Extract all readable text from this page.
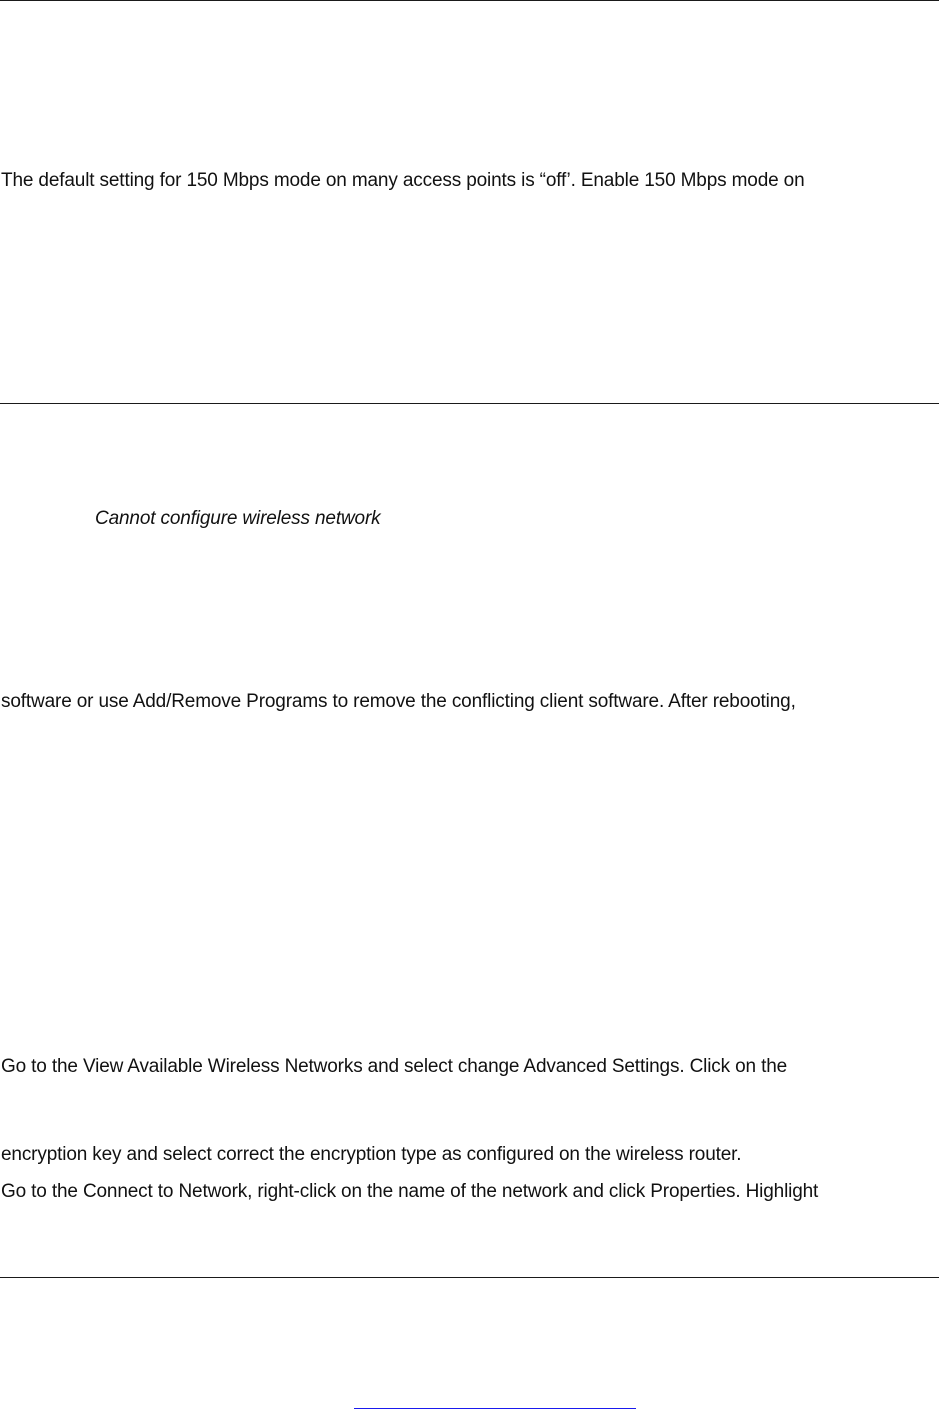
The default setting for 150 Mbps mode on many access points is “off’. Enable 150 Mbps mode on

Cannot configure wireless network

software or use Add/Remove Programs to remove the conflicting client software. After rebooting,

Go to the View Available Wireless Networks and select change Advanced Settings. Click on the

encryption key and select correct the encryption type as configured on the wireless router.

Go to the Connect to Network, right-click on the name of the network and click Properties. Highlight
